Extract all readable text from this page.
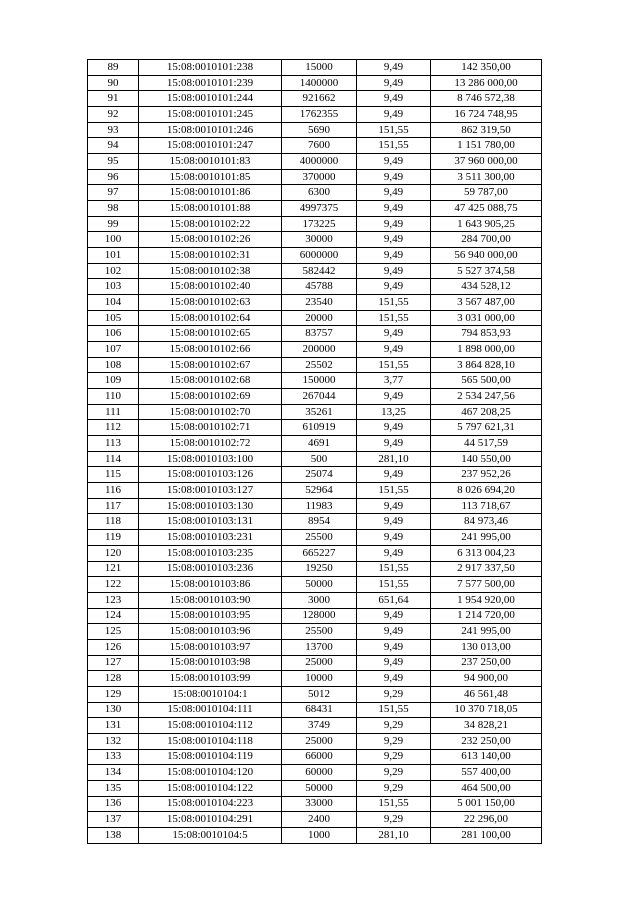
89	15:08:0010101:238	15000	9,49	142 350,00
90	15:08:0010101:239	1400000	9,49	13 286 000,00
91	15:08:0010101:244	921662	9,49	8 746 572,38
92	15:08:0010101:245	1762355	9,49	16 724 748,95
93	15:08:0010101:246	5690	151,55	862 319,50
94	15:08:0010101:247	7600	151,55	1 151 780,00
95	15:08:0010101:83	4000000	9,49	37 960 000,00
96	15:08:0010101:85	370000	9,49	3 511 300,00
97	15:08:0010101:86	6300	9,49	59 787,00
98	15:08:0010101:88	4997375	9,49	47 425 088,75
99	15:08:0010102:22	173225	9,49	1 643 905,25
100	15:08:0010102:26	30000	9,49	284 700,00
101	15:08:0010102:31	6000000	9,49	56 940 000,00
102	15:08:0010102:38	582442	9,49	5 527 374,58
103	15:08:0010102:40	45788	9,49	434 528,12
104	15:08:0010102:63	23540	151,55	3 567 487,00
105	15:08:0010102:64	20000	151,55	3 031 000,00
106	15:08:0010102:65	83757	9,49	794 853,93
107	15:08:0010102:66	200000	9,49	1 898 000,00
108	15:08:0010102:67	25502	151,55	3 864 828,10
109	15:08:0010102:68	150000	3,77	565 500,00
110	15:08:0010102:69	267044	9,49	2 534 247,56
111	15:08:0010102:70	35261	13,25	467 208,25
112	15:08:0010102:71	610919	9,49	5 797 621,31
113	15:08:0010102:72	4691	9,49	44 517,59
114	15:08:0010103:100	500	281,10	140 550,00
115	15:08:0010103:126	25074	9,49	237 952,26
116	15:08:0010103:127	52964	151,55	8 026 694,20
117	15:08:0010103:130	11983	9,49	113 718,67
118	15:08:0010103:131	8954	9,49	84 973,46
119	15:08:0010103:231	25500	9,49	241 995,00
120	15:08:0010103:235	665227	9,49	6 313 004,23
121	15:08:0010103:236	19250	151,55	2 917 337,50
122	15:08:0010103:86	50000	151,55	7 577 500,00
123	15:08:0010103:90	3000	651,64	1 954 920,00
124	15:08:0010103:95	128000	9,49	1 214 720,00
125	15:08:0010103:96	25500	9,49	241 995,00
126	15:08:0010103:97	13700	9,49	130 013,00
127	15:08:0010103:98	25000	9,49	237 250,00
128	15:08:0010103:99	10000	9,49	94 900,00
129	15:08:0010104:1	5012	9,29	46 561,48
130	15:08:0010104:111	68431	151,55	10 370 718,05
131	15:08:0010104:112	3749	9,29	34 828,21
132	15:08:0010104:118	25000	9,29	232 250,00
133	15:08:0010104:119	66000	9,29	613 140,00
134	15:08:0010104:120	60000	9,29	557 400,00
135	15:08:0010104:122	50000	9,29	464 500,00
136	15:08:0010104:223	33000	151,55	5 001 150,00
137	15:08:0010104:291	2400	9,29	22 296,00
138	15:08:0010104:5	1000	281,10	281 100,00
